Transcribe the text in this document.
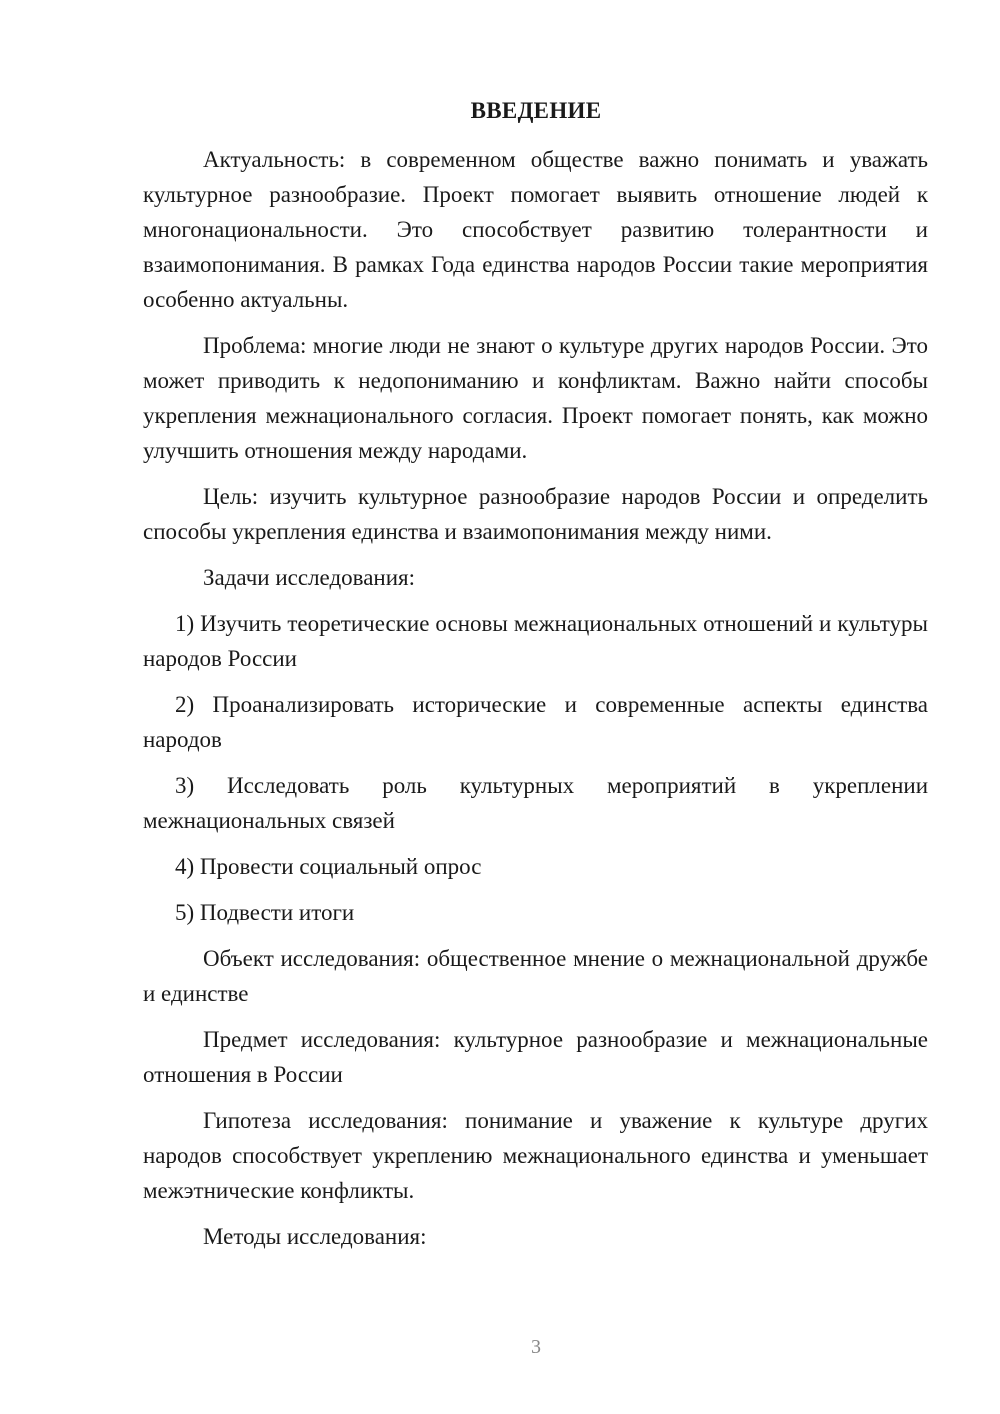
ВВЕДЕНИЕ

Актуальность: в современном обществе важно понимать и уважать культурное разнообразие. Проект помогает выявить отношение людей к многонациональности. Это способствует развитию толерантности и взаимопонимания. В рамках Года единства народов России такие мероприятия особенно актуальны.

Проблема: многие люди не знают о культуре других народов России. Это может приводить к недопониманию и конфликтам. Важно найти способы укрепления межнационального согласия. Проект помогает понять, как можно улучшить отношения между народами.

Цель: изучить культурное разнообразие народов России и определить способы укрепления единства и взаимопонимания между ними.

Задачи исследования:

1) Изучить теоретические основы межнациональных отношений и культуры народов России

2) Проанализировать исторические и современные аспекты единства народов

3) Исследовать роль культурных мероприятий в укреплении межнациональных связей

4) Провести социальный опрос

5) Подвести итоги

Объект исследования: общественное мнение о межнациональной дружбе и единстве

Предмет исследования: культурное разнообразие и межнациональные отношения в России

Гипотеза исследования: понимание и уважение к культуре других народов способствует укреплению межнационального единства и уменьшает межэтнические конфликты.

Методы исследования:

3
